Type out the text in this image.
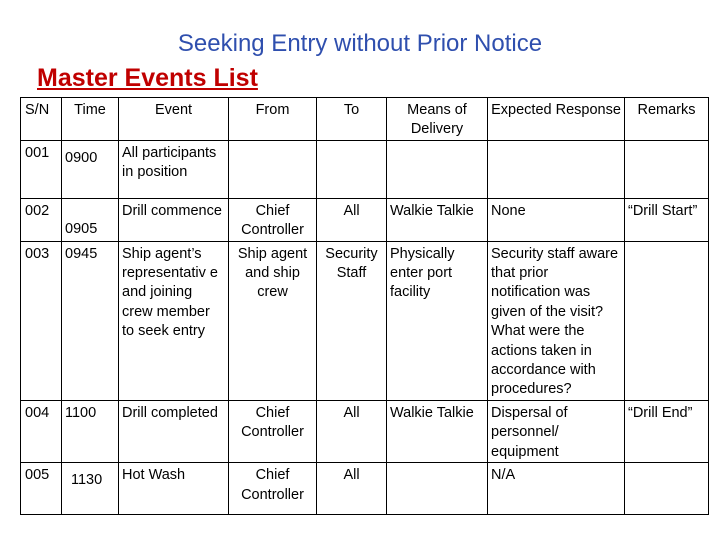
Seeking Entry without Prior Notice
Master Events List
S/N	Time	Event	From	To	Means of Delivery	Expected Response	Remarks
001	0900	All participants in position					
002	0905	Drill commence	Chief Controller	All	Walkie Talkie	None	“Drill Start”
003	0945	Ship agent’s representativ e and joining crew member to seek entry	Ship agent and ship crew	Security Staff	Physically enter port facility	Security staff aware that prior notification was given of the visit? What were the actions taken in accordance with procedures?	
004	1100	Drill completed	Chief Controller	All	Walkie Talkie	Dispersal of personnel/ equipment	“Drill End”
005	1130	Hot Wash	Chief Controller	All		N/A	
